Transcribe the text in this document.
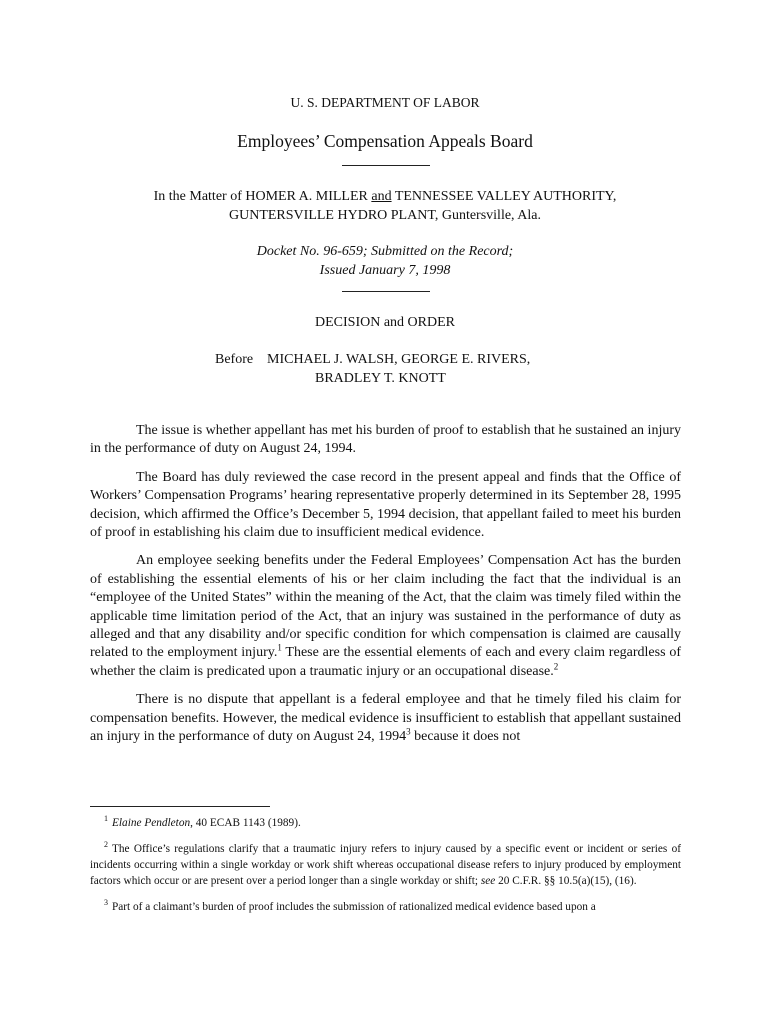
U. S. DEPARTMENT OF LABOR
Employees’ Compensation Appeals Board
In the Matter of HOMER A. MILLER and TENNESSEE VALLEY AUTHORITY,
GUNTERSVILLE HYDRO PLANT, Guntersville, Ala.
Docket No. 96-659; Submitted on the Record;
Issued January 7, 1998
DECISION and ORDER
Before MICHAEL J. WALSH, GEORGE E. RIVERS,
BRADLEY T. KNOTT

The issue is whether appellant has met his burden of proof to establish that he sustained an injury in the performance of duty on August 24, 1994.

The Board has duly reviewed the case record in the present appeal and finds that the Office of Workers’ Compensation Programs’ hearing representative properly determined in its September 28, 1995 decision, which affirmed the Office’s December 5, 1994 decision, that appellant failed to meet his burden of proof in establishing his claim due to insufficient medical evidence.

An employee seeking benefits under the Federal Employees’ Compensation Act has the burden of establishing the essential elements of his or her claim including the fact that the individual is an “employee of the United States” within the meaning of the Act, that the claim was timely filed within the applicable time limitation period of the Act, that an injury was sustained in the performance of duty as alleged and that any disability and/or specific condition for which compensation is claimed are causally related to the employment injury.$^1$ These are the essential elements of each and every claim regardless of whether the claim is predicated upon a traumatic injury or an occupational disease.$^2$

There is no dispute that appellant is a federal employee and that he timely filed his claim for compensation benefits. However, the medical evidence is insufficient to establish that appellant sustained an injury in the performance of duty on August 24, 1994$^3$ because it does not

$^1$ Elaine Pendleton, 40 ECAB 1143 (1989).

$^2$ The Office’s regulations clarify that a traumatic injury refers to injury caused by a specific event or incident or series of incidents occurring within a single workday or work shift whereas occupational disease refers to injury produced by employment factors which occur or are present over a period longer than a single workday or shift; see 20 C.F.R. §§ 10.5(a)(15), (16).

$^3$ Part of a claimant’s burden of proof includes the submission of rationalized medical evidence based upon a
